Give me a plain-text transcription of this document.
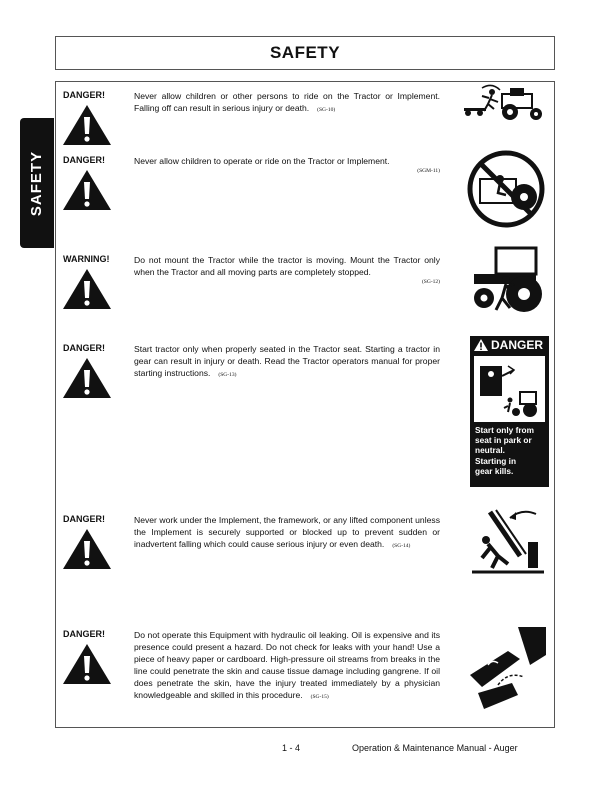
SAFETY
SAFETY
DANGER!	Never allow children or other persons to ride on the Tractor or Implement. Falling off can result in serious injury or death. (SG-10)
DANGER!	Never allow children to operate or ride on the Tractor or Implement.
(SGM-11)
WARNING!	Do not mount the Tractor while the tractor is moving. Mount the Tractor only when the Tractor and all moving parts are completely stopped.
(SG-12)
DANGER!	Start tractor only when properly seated in the Tractor seat. Starting a tractor in gear can result in injury or death. Read the Tractor operators manual for proper starting instructions. (SG-13)
DANGER
Start only from
seat in park or
neutral.
Starting in
gear kills.
DANGER!	Never work under the Implement, the framework, or any lifted component unless the Implement is securely supported or blocked up to prevent sudden or inadvertent falling which could cause serious injury or even death. (SG-14)
DANGER!	Do not operate this Equipment with hydraulic oil leaking. Oil is expensive and its presence could present a hazard. Do not check for leaks with your hand! Use a piece of heavy paper or cardboard. High-pressure oil streams from breaks in the line could penetrate the skin and cause tissue damage including gangrene. If oil does penetrate the skin, have the injury treated immediately by a physician knowledgeable and skilled in this procedure. (SG-15)
1 - 4	Operation & Maintenance Manual - Auger
